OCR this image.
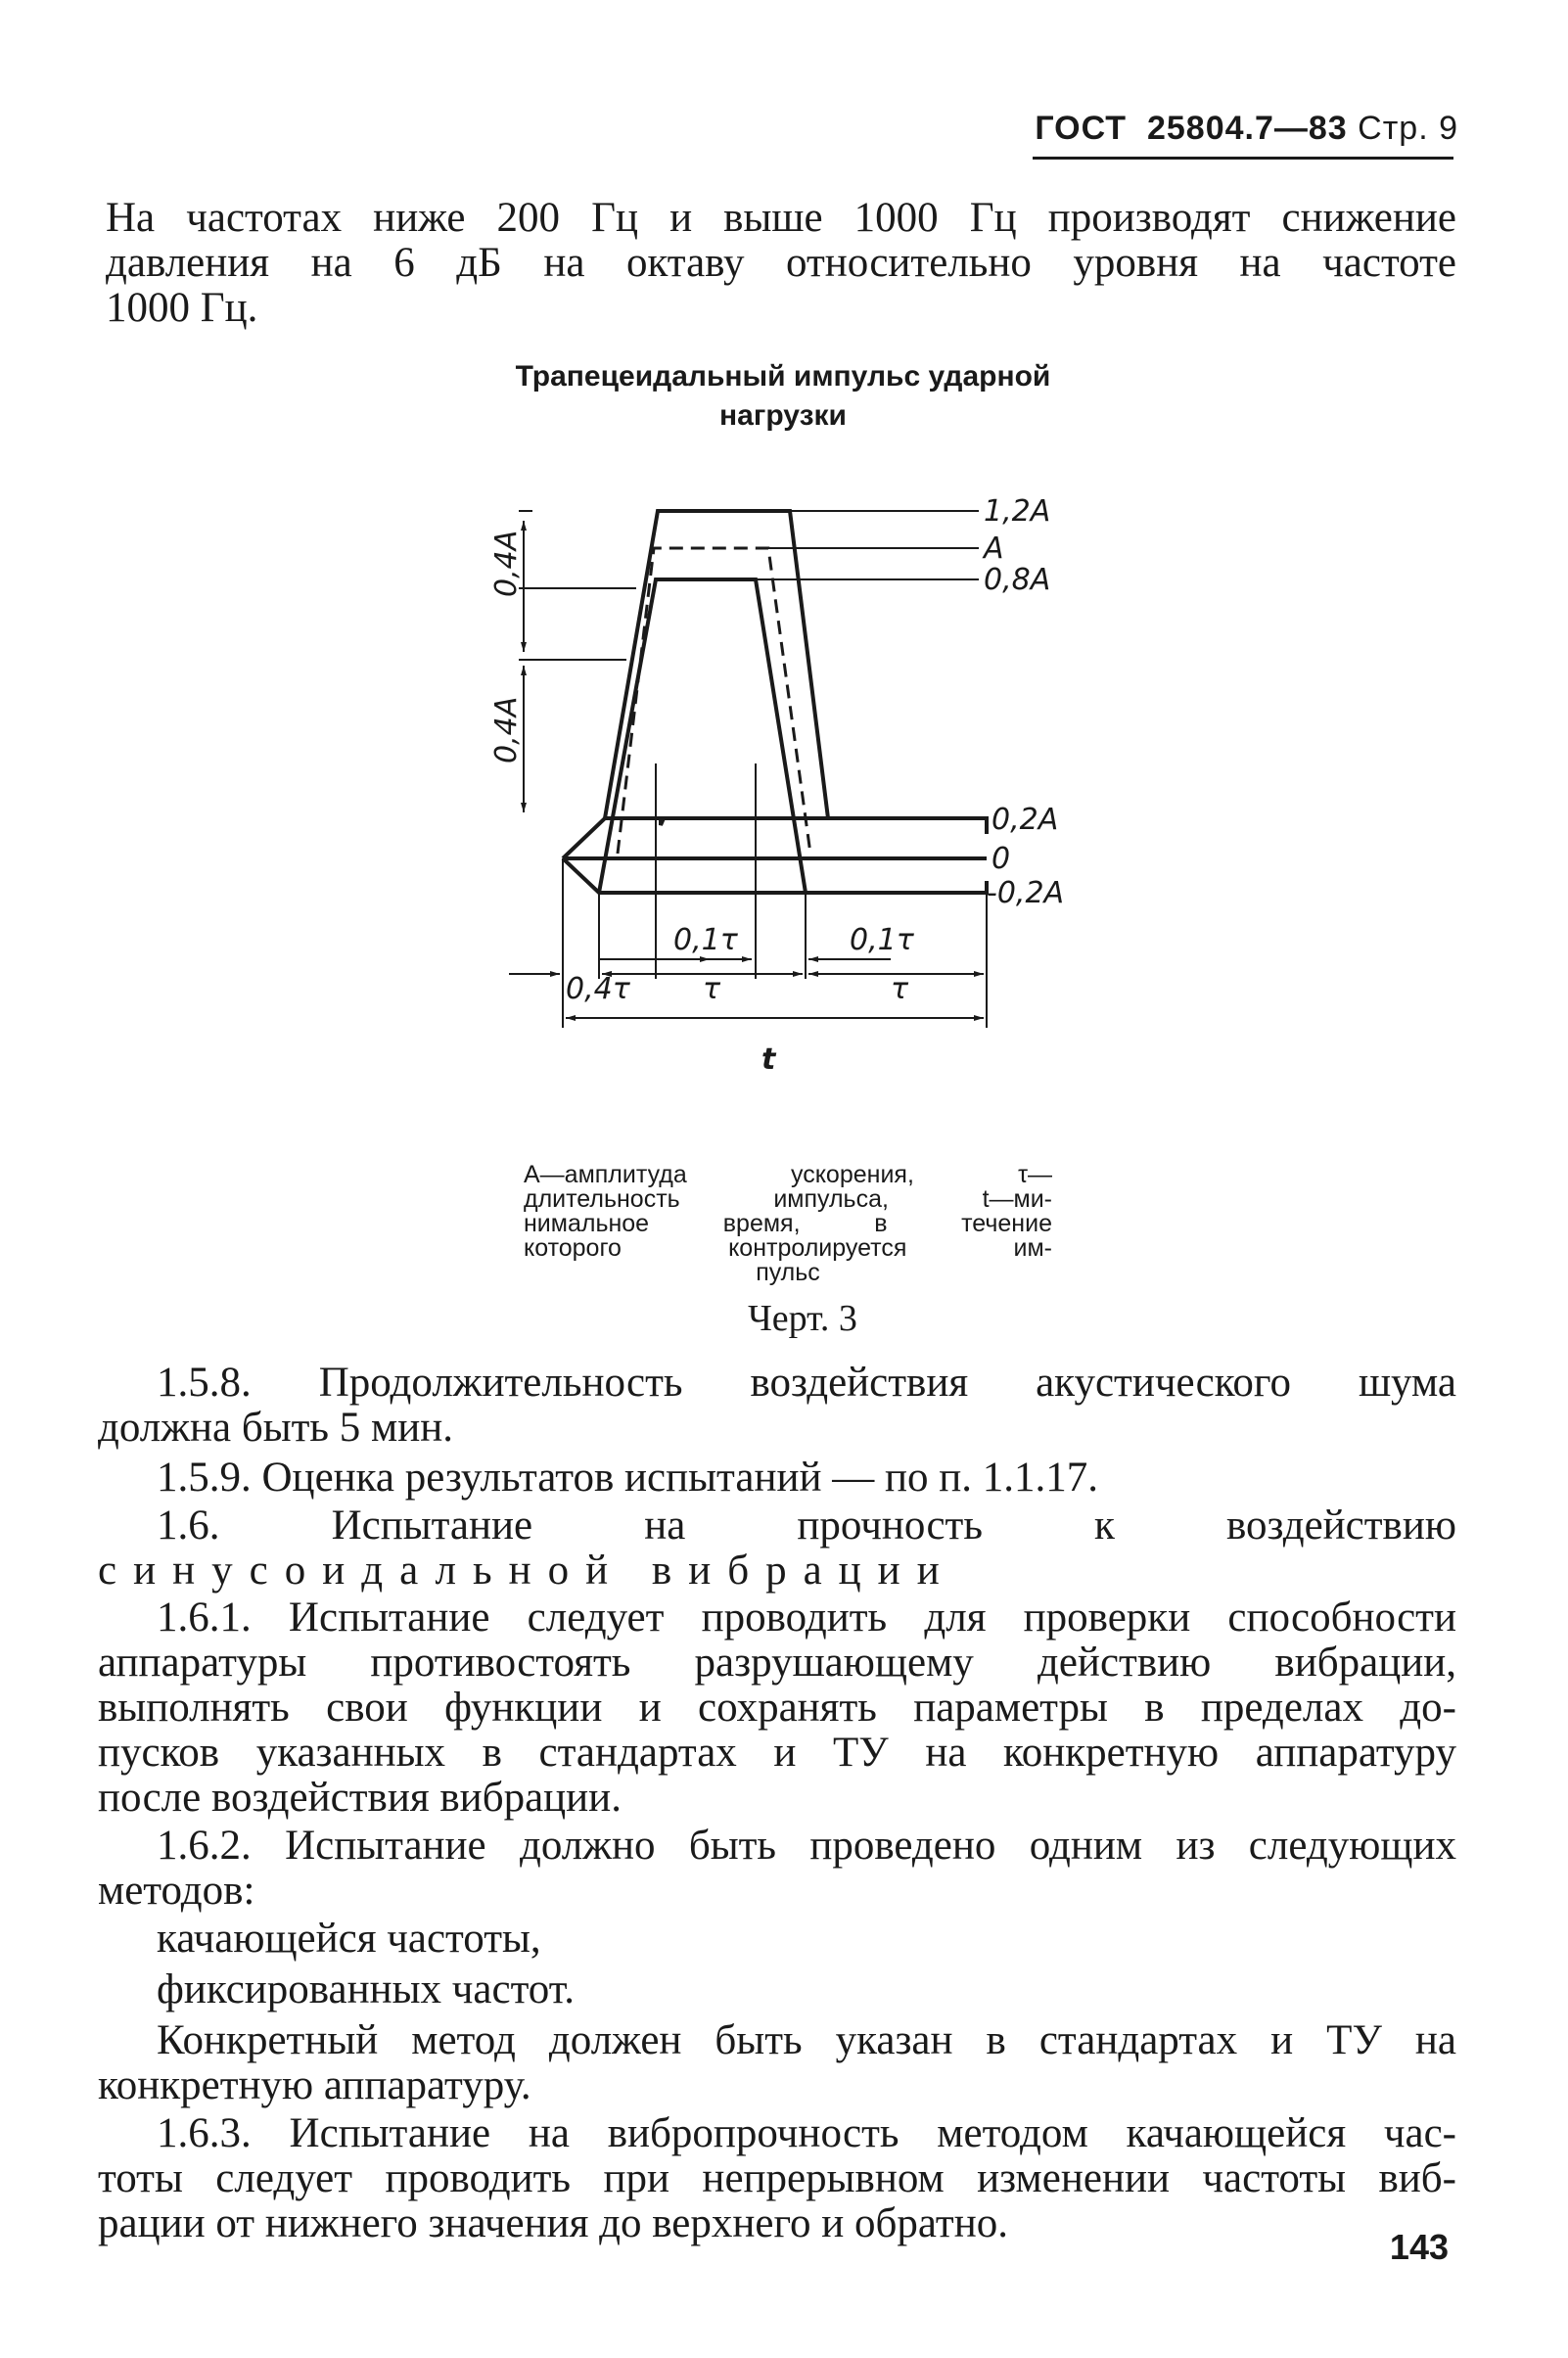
ГОСТ 25804.7—83 Стр. 9

На частотах ниже 200 Гц и выше 1000 Гц производят снижение

давления на 6 дБ на октаву относительно уровня на частоте

1000 Гц.

Трапецеидальный импульс ударной
нагрузки
1,2A
A
0,8A
0,2A
0
-0,2A
0,4A
0,4A
0,1τ	0,1τ
0,4τ τ	τ
t
A—амплитуда ускорения, τ—
длительность импульса, t—ми-
нимальное время, в течение
которого контролируется им-
пульс
Черт. 3

1.5.8. Продолжительность воздействия акустического шума

должна быть 5 мин.

1.5.9. Оценка результатов испытаний — по п. 1.1.17.

1.6. Испытание на прочность к воздействию

синусоидальной вибрации

1.6.1. Испытание следует проводить для проверки способности

аппаратуры противостоять разрушающему действию вибрации,

выполнять свои функции и сохранять параметры в пределах до-

пусков указанных в стандартах и ТУ на конкретную аппаратуру

после воздействия вибрации.

1.6.2. Испытание должно быть проведено одним из следующих

методов:

качающейся частоты,

фиксированных частот.

Конкретный метод должен быть указан в стандартах и ТУ на

конкретную аппаратуру.

1.6.3. Испытание на вибропрочность методом качающейся час-

тоты следует проводить при непрерывном изменении частоты виб-

рации от нижнего значения до верхнего и обратно.

143
